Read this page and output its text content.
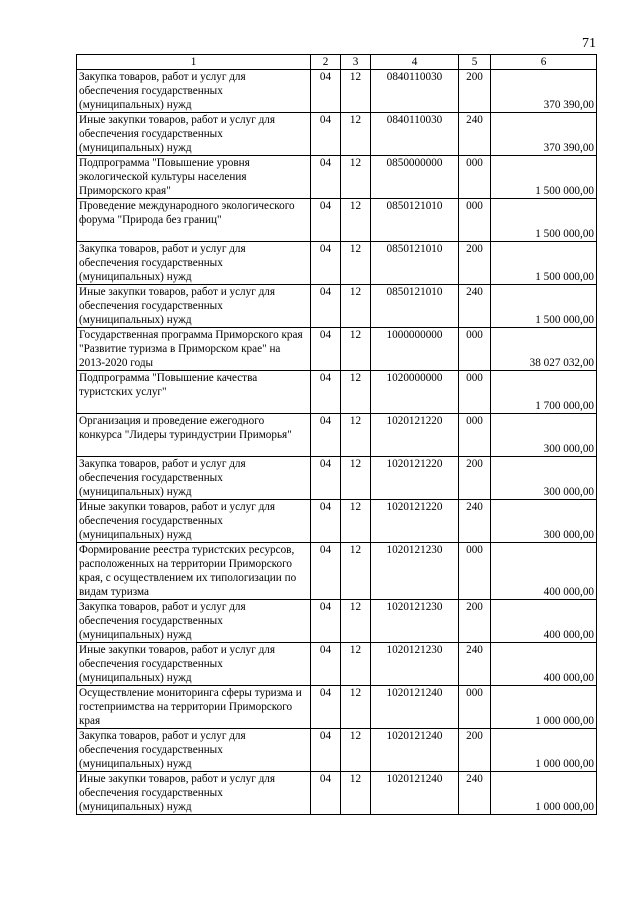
71
1	2	3	4	5	6
Закупка товаров, работ и услуг для обеспечения государственных (муниципальных) нужд	04	12	0840110030	200	370 390,00
Иные закупки товаров, работ и услуг для обеспечения государственных (муниципальных) нужд	04	12	0840110030	240	370 390,00
Подпрограмма "Повышение уровня экологической культуры населения Приморского края"	04	12	0850000000	000	1 500 000,00
Проведение международного экологического форума "Природа без границ"	04	12	0850121010	000	1 500 000,00
Закупка товаров, работ и услуг для обеспечения государственных (муниципальных) нужд	04	12	0850121010	200	1 500 000,00
Иные закупки товаров, работ и услуг для обеспечения государственных (муниципальных) нужд	04	12	0850121010	240	1 500 000,00
Государственная программа Приморского края "Развитие туризма в Приморском крае" на 2013-2020 годы	04	12	1000000000	000	38 027 032,00
Подпрограмма "Повышение качества туристских услуг"	04	12	1020000000	000	1 700 000,00
Организация и проведение ежегодного конкурса "Лидеры туриндустрии Приморья"	04	12	1020121220	000	300 000,00
Закупка товаров, работ и услуг для обеспечения государственных (муниципальных) нужд	04	12	1020121220	200	300 000,00
Иные закупки товаров, работ и услуг для обеспечения государственных (муниципальных) нужд	04	12	1020121220	240	300 000,00
Формирование реестра туристских ресурсов, расположенных на территории Приморского края, с осуществлением их типологизации по видам туризма	04	12	1020121230	000	400 000,00
Закупка товаров, работ и услуг для обеспечения государственных (муниципальных) нужд	04	12	1020121230	200	400 000,00
Иные закупки товаров, работ и услуг для обеспечения государственных (муниципальных) нужд	04	12	1020121230	240	400 000,00
Осуществление мониторинга сферы туризма и гостеприимства на территории Приморского края	04	12	1020121240	000	1 000 000,00
Закупка товаров, работ и услуг для обеспечения государственных (муниципальных) нужд	04	12	1020121240	200	1 000 000,00
Иные закупки товаров, работ и услуг для обеспечения государственных (муниципальных) нужд	04	12	1020121240	240	1 000 000,00
